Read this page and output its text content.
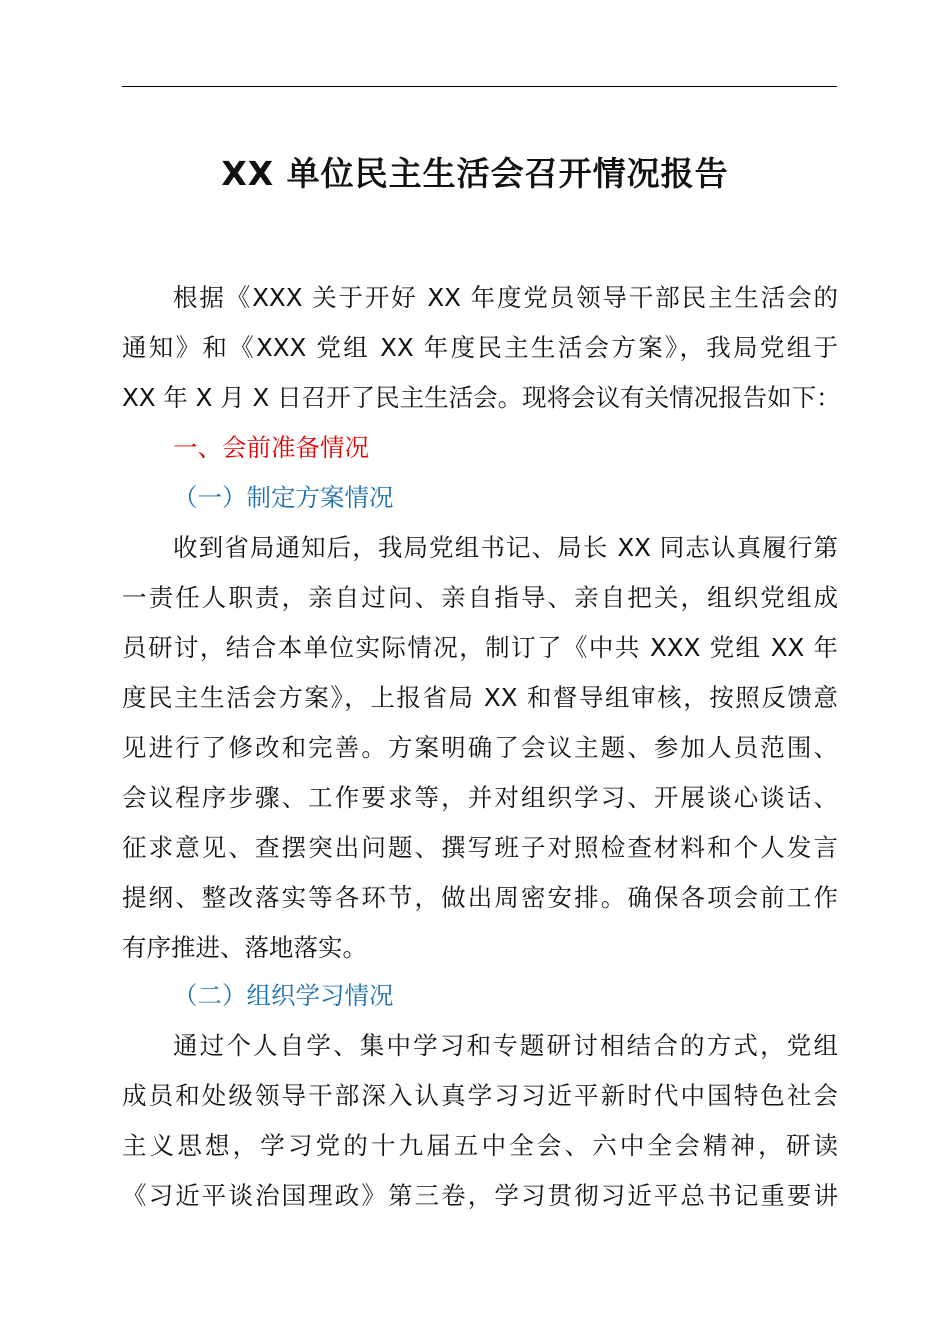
XX 单位民主生活会召开情况报告
根据《XXX 关于开好 XX 年度党员领导干部民主生活会的
通知》和《XXX 党组 XX 年度民主生活会方案》，我局党组于
XX 年 X 月 X 日召开了民主生活会。现将会议有关情况报告如下：
一、会前准备情况
（一）制定方案情况
收到省局通知后，我局党组书记、局长 XX 同志认真履行第
一责任人职责，亲自过问、亲自指导、亲自把关，组织党组成
员研讨，结合本单位实际情况，制订了《中共 XXX 党组 XX 年
度民主生活会方案》，上报省局 XX 和督导组审核，按照反馈意
见进行了修改和完善。方案明确了会议主题、参加人员范围、
会议程序步骤、工作要求等，并对组织学习、开展谈心谈话、
征求意见、查摆突出问题、撰写班子对照检查材料和个人发言
提纲、整改落实等各环节，做出周密安排。确保各项会前工作
有序推进、落地落实。
（二）组织学习情况
通过个人自学、集中学习和专题研讨相结合的方式，党组
成员和处级领导干部深入认真学习习近平新时代中国特色社会
主义思想，学习党的十九届五中全会、六中全会精神，研读
《习近平谈治国理政》第三卷，学习贯彻习近平总书记重要讲
